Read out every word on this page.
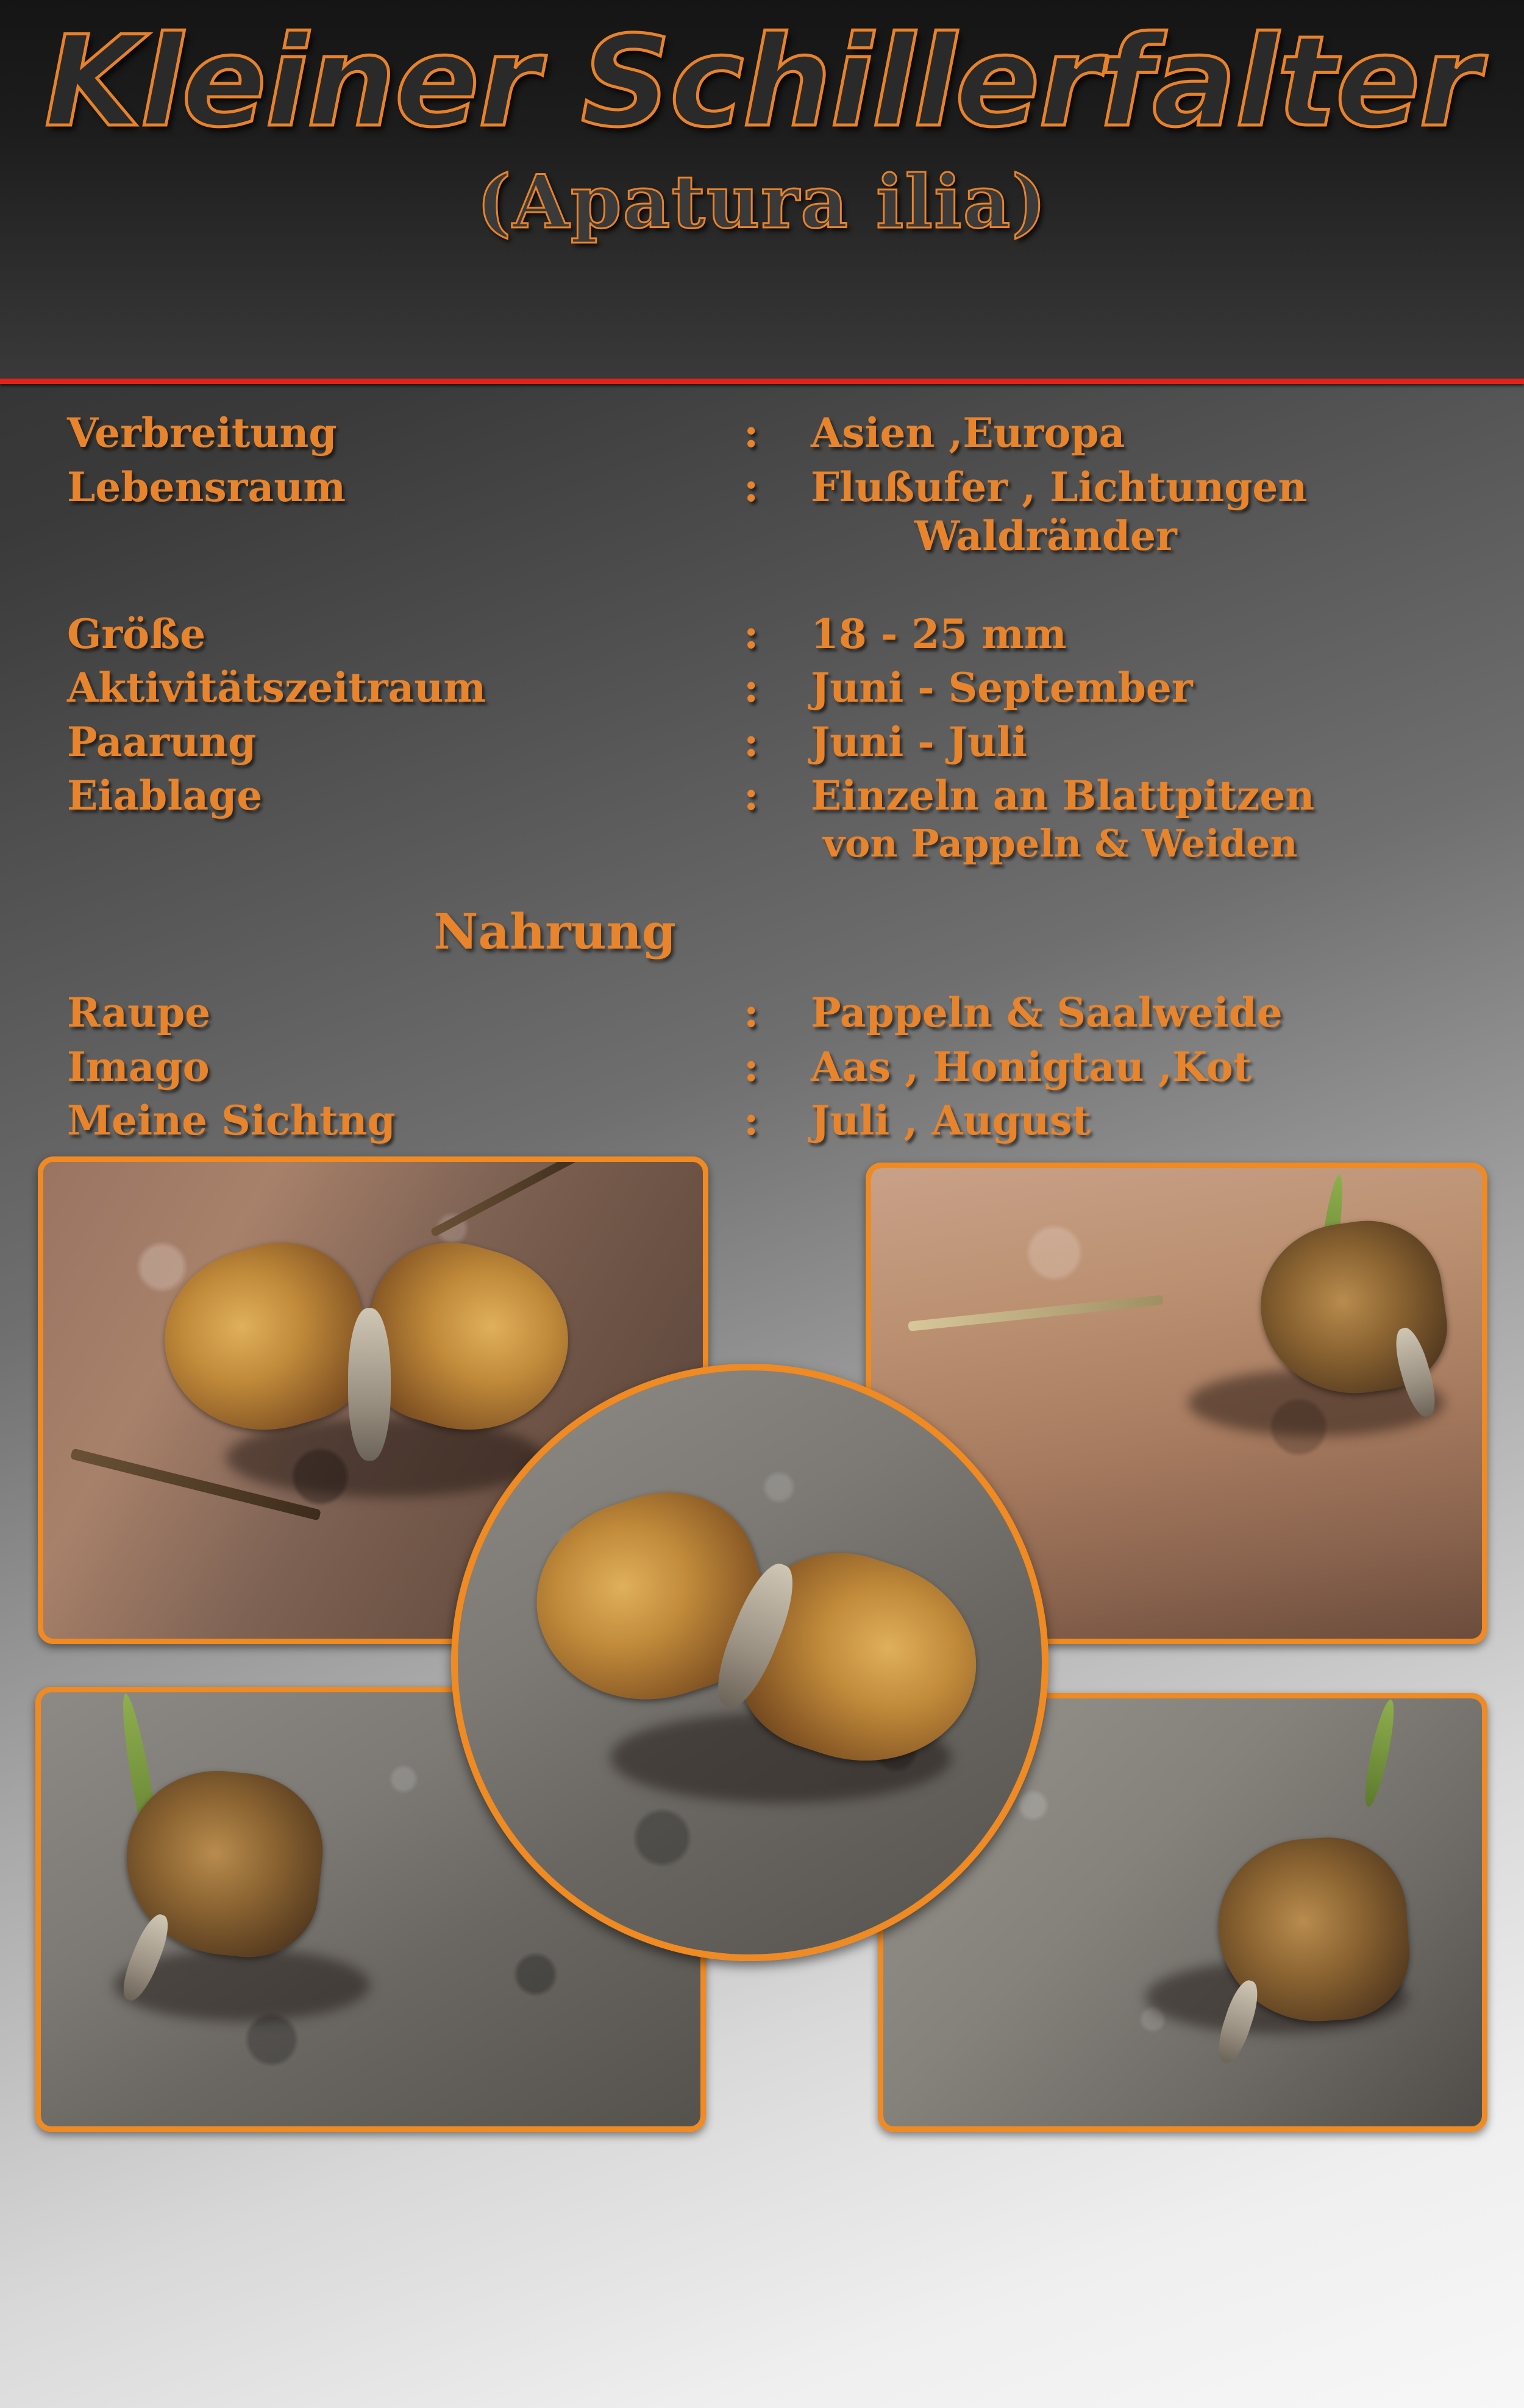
Kleiner Schillerfalter
(Apatura ilia)
Verbreitung	:	Asien ,Europa
Lebensraum	:	Flußufer , Lichtungen
Waldränder
Größe	:	18 - 25 mm
Aktivitätszeitraum	:	Juni - September
Paarung	:	Juni - Juli
Eiablage	:	Einzeln an Blattpitzen
von Pappeln & Weiden
Nahrung
Raupe	:	Pappeln & Saalweide
Imago	:	Aas , Honigtau ,Kot
Meine Sichtng	:	Juli , August
